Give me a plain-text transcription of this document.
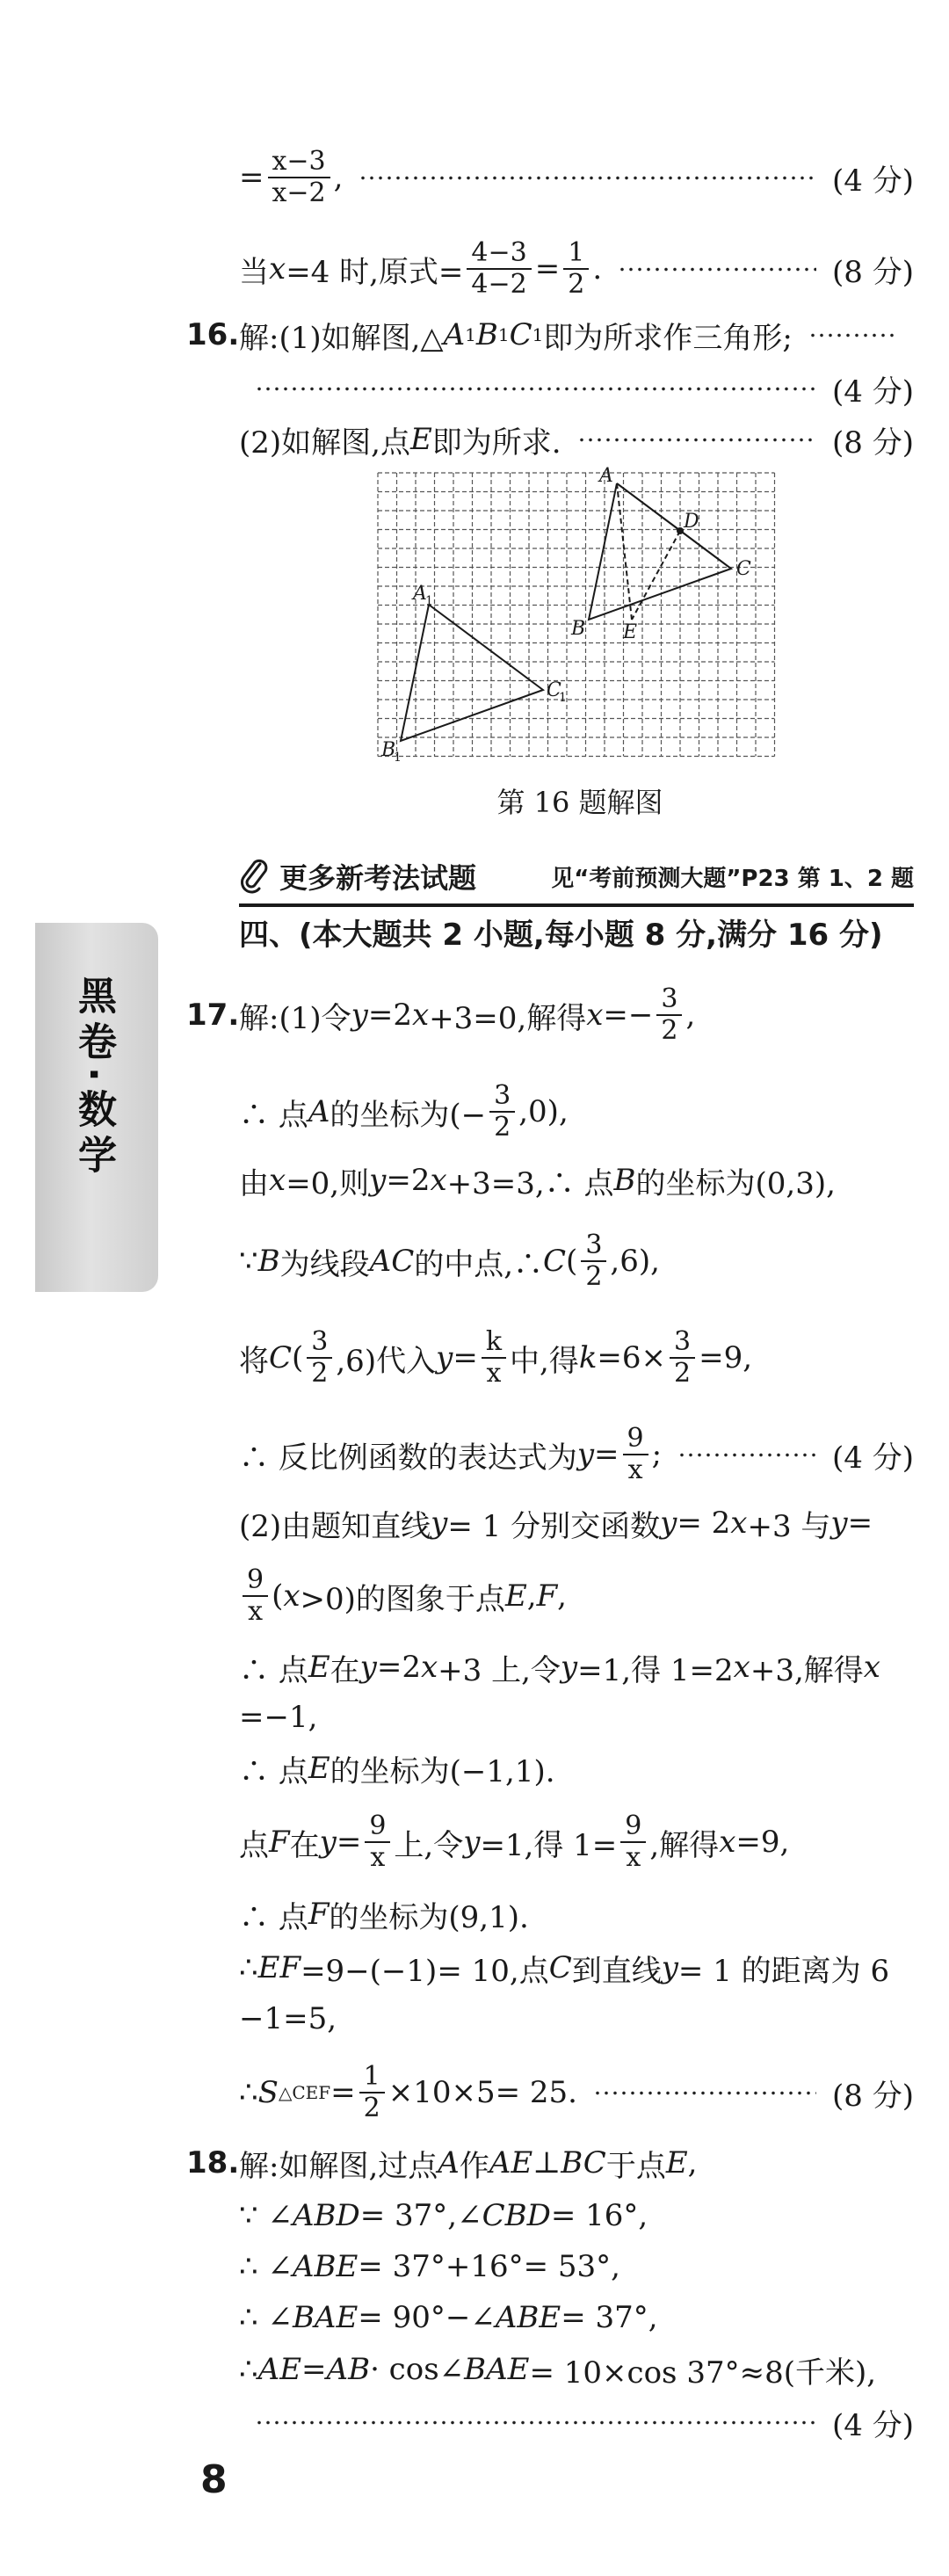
= $\frac{x-3}{x-2}$ ,	(4 分)
当 x =4 时,原式= $\frac{4-3}{4-2} = \frac{1}{2}$ .	(8 分)
16. 解:(1)如解图,△ A 1 B 1 C 1 即为所求作三角形;
(4 分)
(2)如解图,点 E 即为所求.	(8 分)
四、(本大题共 2 小题,每小题 8 分,满分 16 分)
17. 解:(1)令 y =2 x +3=0,解得 $x =- \frac{3}{2}$ ,
∴ 点 A 的坐标为(− $\frac{3}{2} ,0$),
由 x =0,则 y =2 x +3=3,∴ 点 B 的坐标为(0,3),
∵ B 为线段 AC 的中点,∴ C ( $\frac{3}{2} ,6$),
将 C ( $\frac{3}{2} ,6$)代入 $y = \frac{k}{x}$ 中,得 $k =6\times \frac{3}{2} =9$,
∴ 反比例函数的表达式为 $y = \frac{9}{x}$ ;	(4 分)
(2)由题知直线 y = 1 分别交函数 y = 2 x +3 与 y =
$\frac{9}{x}$ ( x >0)的图象于点 E , F ,
∴ 点 E 在 y =2 x +3 上,令 y =1,得 1=2 x +3,解得 x
=−1,
∴ 点 E 的坐标为(−1,1).
点 F 在 $y = \frac{9}{x}$ 上,令 y =1,得 $1= \frac{9}{x}$ ,解得 x =9,
∴ 点 F 的坐标为(9,1).
∴ EF =9−(−1)= 10,点 C 到直线 y = 1 的距离为 6
−1=5,
∴ S △CEF = $\frac{1}{2} \times 10\times 5= 25$.	(8 分)
18. 解:如解图,过点 A 作 AE ⊥ BC 于点 E ,
∵ ∠ ABD = 37°,∠ CBD = 16°,
∴ ∠ ABE = 37°+16°= 53°,
∴ ∠ BAE = 90°−∠ ABE = 37°,
∴ AE = AB · cos∠ BAE = 10×cos 37°≈8(千米),
(4 分)
A
B
C
D
E
A
1
B
1
C
1
第 16 题解图
更多新考法试题	见“考前预测大题”P23 第 1、2 题
黑卷·数学
8
